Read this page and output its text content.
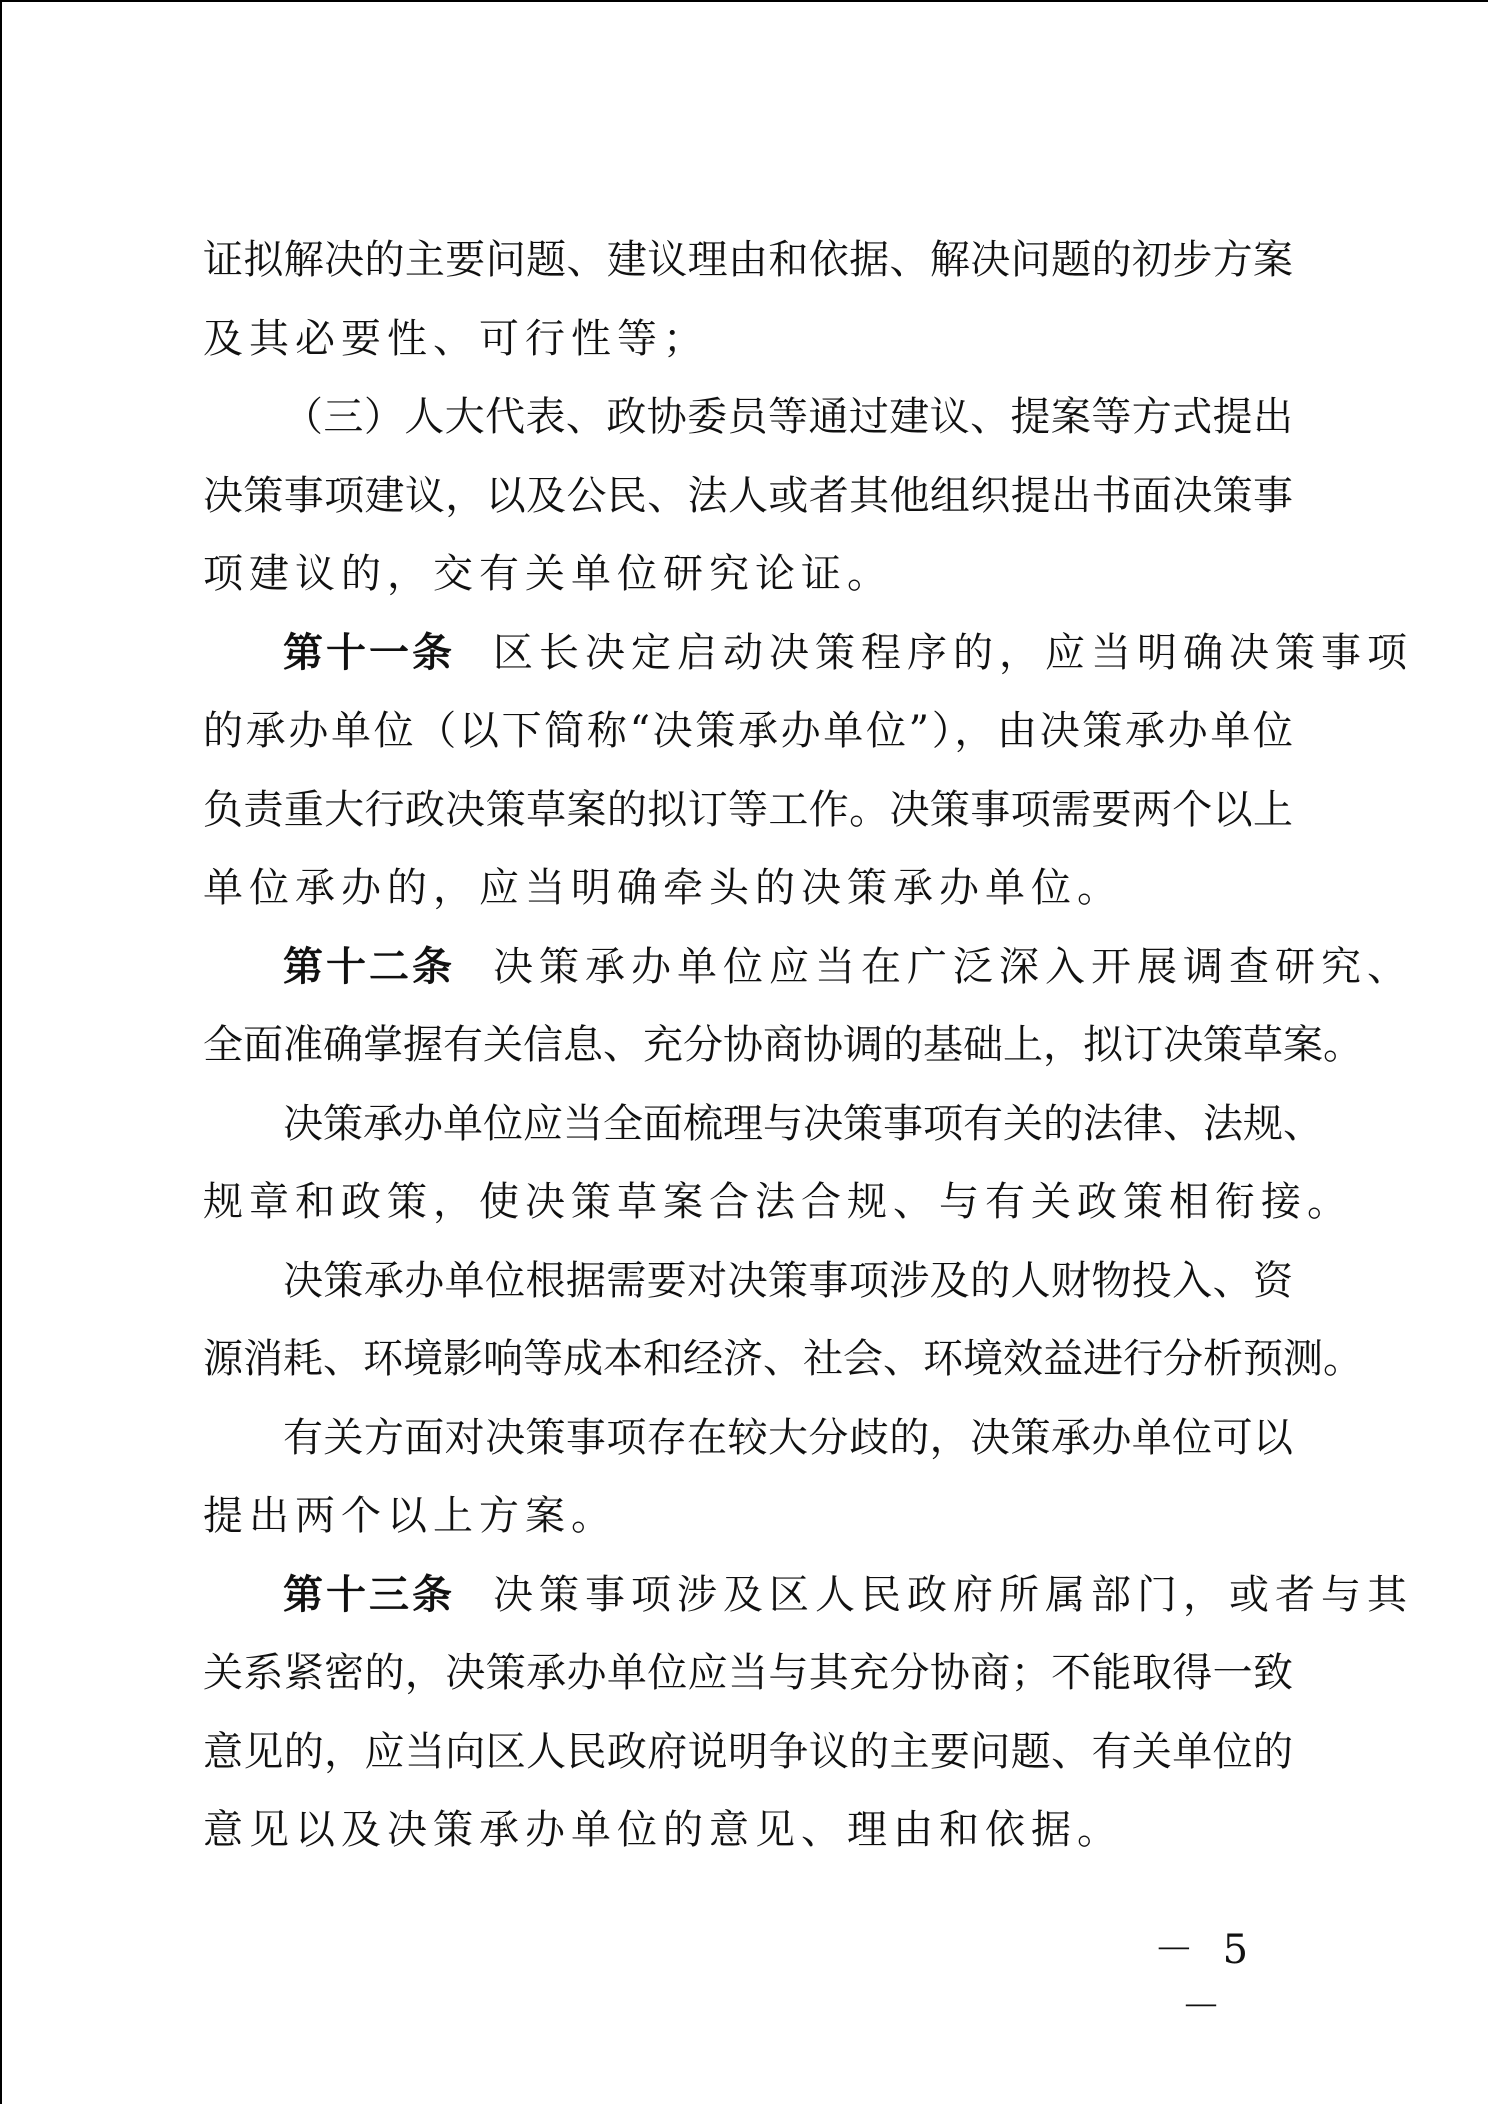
证拟解决的主要问题、建议理由和依据、解决问题的初步方案
及其必要性、可行性等；
（三）人大代表、政协委员等通过建议、提案等方式提出
决策事项建议，以及公民、法人或者其他组织提出书面决策事
项建议的，交有关单位研究论证。
第十一条 区长决定启动决策程序的，应当明确决策事项
的承办单位（以下简称“决策承办单位”），由决策承办单位
负责重大行政决策草案的拟订等工作。决策事项需要两个以上
单位承办的，应当明确牵头的决策承办单位。
第十二条 决策承办单位应当在广泛深入开展调查研究、
全面准确掌握有关信息、充分协商协调的基础上，拟订决策草案。
决策承办单位应当全面梳理与决策事项有关的法律、法规、
规章和政策，使决策草案合法合规、与有关政策相衔接。
决策承办单位根据需要对决策事项涉及的人财物投入、资
源消耗、环境影响等成本和经济、社会、环境效益进行分析预测。
有关方面对决策事项存在较大分歧的，决策承办单位可以
提出两个以上方案。
第十三条 决策事项涉及区人民政府所属部门，或者与其
关系紧密的，决策承办单位应当与其充分协商；不能取得一致
意见的，应当向区人民政府说明争议的主要问题、有关单位的
意见以及决策承办单位的意见、理由和依据。
－ 5 －
